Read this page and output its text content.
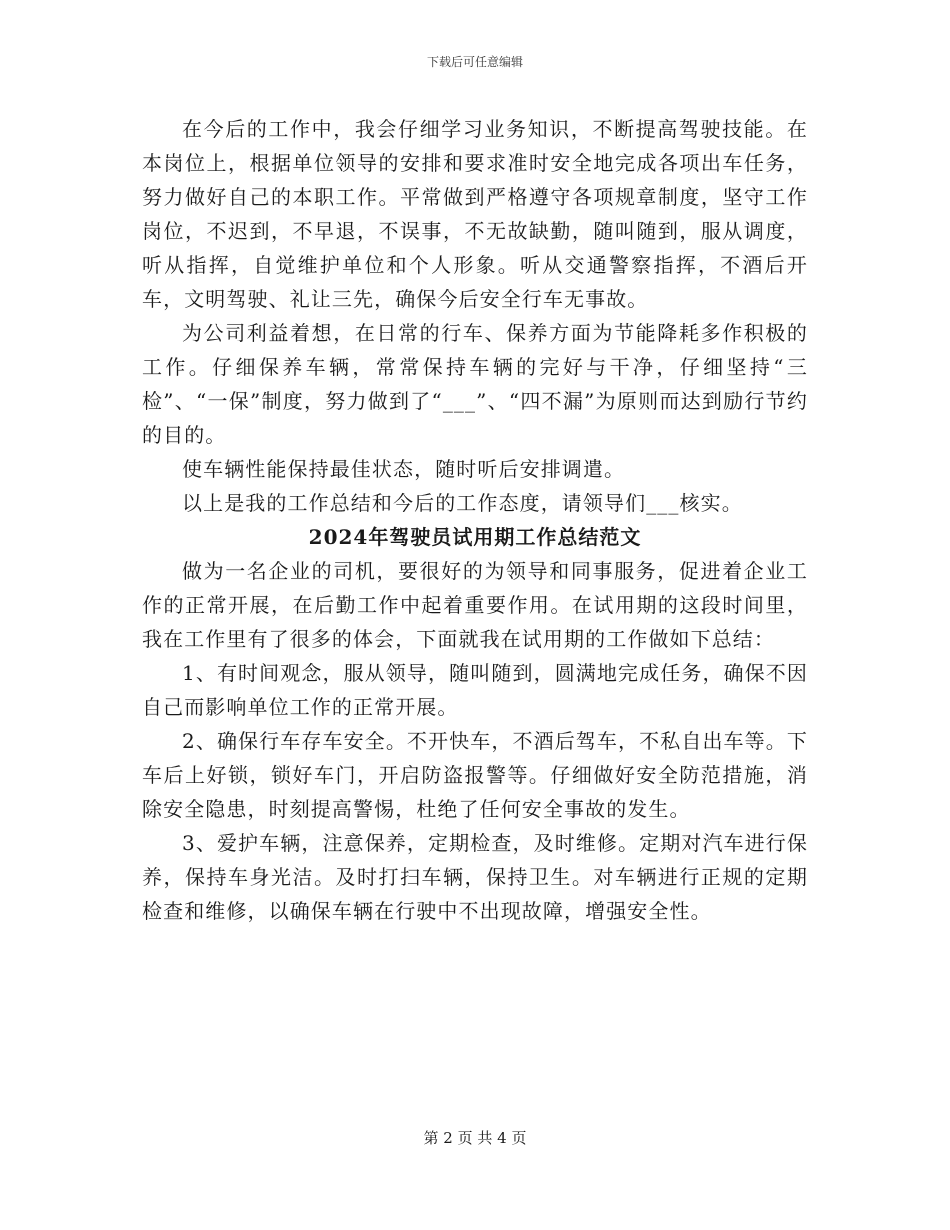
下载后可任意编辑

在今后的工作中，我会仔细学习业务知识，不断提高驾驶技能。在本岗位上，根据单位领导的安排和要求准时安全地完成各项出车任务，努力做好自己的本职工作。平常做到严格遵守各项规章制度，坚守工作岗位，不迟到，不早退，不误事，不无故缺勤，随叫随到，服从调度，听从指挥，自觉维护单位和个人形象。听从交通警察指挥，不酒后开车，文明驾驶、礼让三先，确保今后安全行车无事故。

为公司利益着想，在日常的行车、保养方面为节能降耗多作积极的工作。仔细保养车辆，常常保持车辆的完好与干净，仔细坚持“三检”、“一保”制度，努力做到了“___”、“四不漏”为原则而达到励行节约的目的。

使车辆性能保持最佳状态，随时听后安排调遣。

以上是我的工作总结和今后的工作态度，请领导们___核实。

2024年驾驶员试用期工作总结范文

做为一名企业的司机，要很好的为领导和同事服务，促进着企业工作的正常开展，在后勤工作中起着重要作用。在试用期的这段时间里，我在工作里有了很多的体会，下面就我在试用期的工作做如下总结：

1、有时间观念，服从领导，随叫随到，圆满地完成任务，确保不因自己而影响单位工作的正常开展。

2、确保行车存车安全。不开快车，不酒后驾车，不私自出车等。下车后上好锁，锁好车门，开启防盗报警等。仔细做好安全防范措施，消除安全隐患，时刻提高警惕，杜绝了任何安全事故的发生。

3、爱护车辆，注意保养，定期检查，及时维修。定期对汽车进行保养，保持车身光洁。及时打扫车辆，保持卫生。对车辆进行正规的定期检查和维修，以确保车辆在行驶中不出现故障，增强安全性。

第 2 页 共 4 页
